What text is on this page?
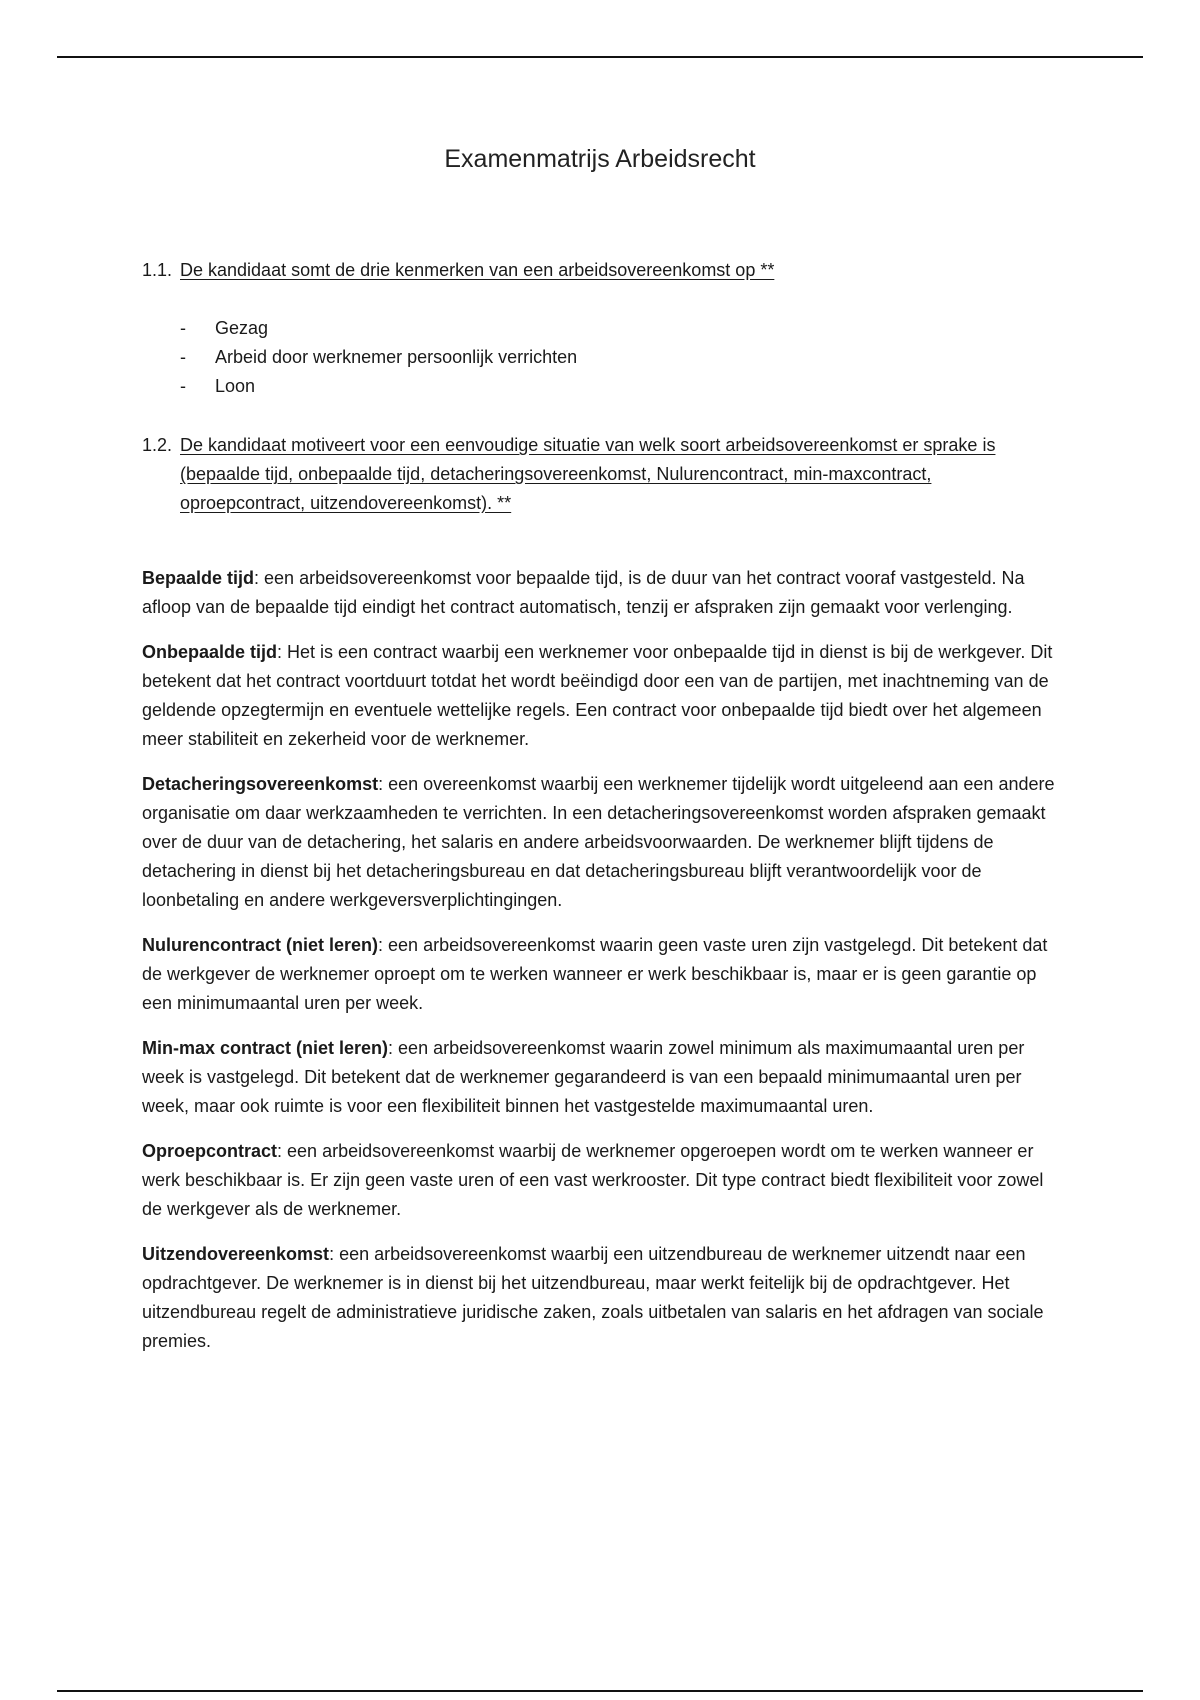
Examenmatrijs Arbeidsrecht
1.1. De kandidaat somt de drie kenmerken van een arbeidsovereenkomst op **
-	Gezag
-	Arbeid door werknemer persoonlijk verrichten
-	Loon
1.2. De kandidaat motiveert voor een eenvoudige situatie van welk soort arbeidsovereenkomst er sprake is (bepaalde tijd, onbepaalde tijd, detacheringsovereenkomst, Nulurencontract, min-maxcontract, oproepcontract, uitzendovereenkomst). **

Bepaalde tijd: een arbeidsovereenkomst voor bepaalde tijd, is de duur van het contract vooraf vastgesteld. Na afloop van de bepaalde tijd eindigt het contract automatisch, tenzij er afspraken zijn gemaakt voor verlenging.

Onbepaalde tijd: Het is een contract waarbij een werknemer voor onbepaalde tijd in dienst is bij de werkgever. Dit betekent dat het contract voortduurt totdat het wordt beëindigd door een van de partijen, met inachtneming van de geldende opzegtermijn en eventuele wettelijke regels. Een contract voor onbepaalde tijd biedt over het algemeen meer stabiliteit en zekerheid voor de werknemer.

Detacheringsovereenkomst: een overeenkomst waarbij een werknemer tijdelijk wordt uitgeleend aan een andere organisatie om daar werkzaamheden te verrichten. In een detacheringsovereenkomst worden afspraken gemaakt over de duur van de detachering, het salaris en andere arbeidsvoorwaarden. De werknemer blijft tijdens de detachering in dienst bij het detacheringsbureau en dat detacheringsbureau blijft verantwoordelijk voor de loonbetaling en andere werkgeversverplichtingingen.

Nulurencontract (niet leren): een arbeidsovereenkomst waarin geen vaste uren zijn vastgelegd. Dit betekent dat de werkgever de werknemer oproept om te werken wanneer er werk beschikbaar is, maar er is geen garantie op een minimumaantal uren per week.

Min-max contract (niet leren): een arbeidsovereenkomst waarin zowel minimum als maximumaantal uren per week is vastgelegd. Dit betekent dat de werknemer gegarandeerd is van een bepaald minimumaantal uren per week, maar ook ruimte is voor een flexibiliteit binnen het vastgestelde maximumaantal uren.

Oproepcontract: een arbeidsovereenkomst waarbij de werknemer opgeroepen wordt om te werken wanneer er werk beschikbaar is. Er zijn geen vaste uren of een vast werkrooster. Dit type contract biedt flexibiliteit voor zowel de werkgever als de werknemer.

Uitzendovereenkomst: een arbeidsovereenkomst waarbij een uitzendbureau de werknemer uitzendt naar een opdrachtgever. De werknemer is in dienst bij het uitzendbureau, maar werkt feitelijk bij de opdrachtgever. Het uitzendbureau regelt de administratieve juridische zaken, zoals uitbetalen van salaris en het afdragen van sociale premies.
